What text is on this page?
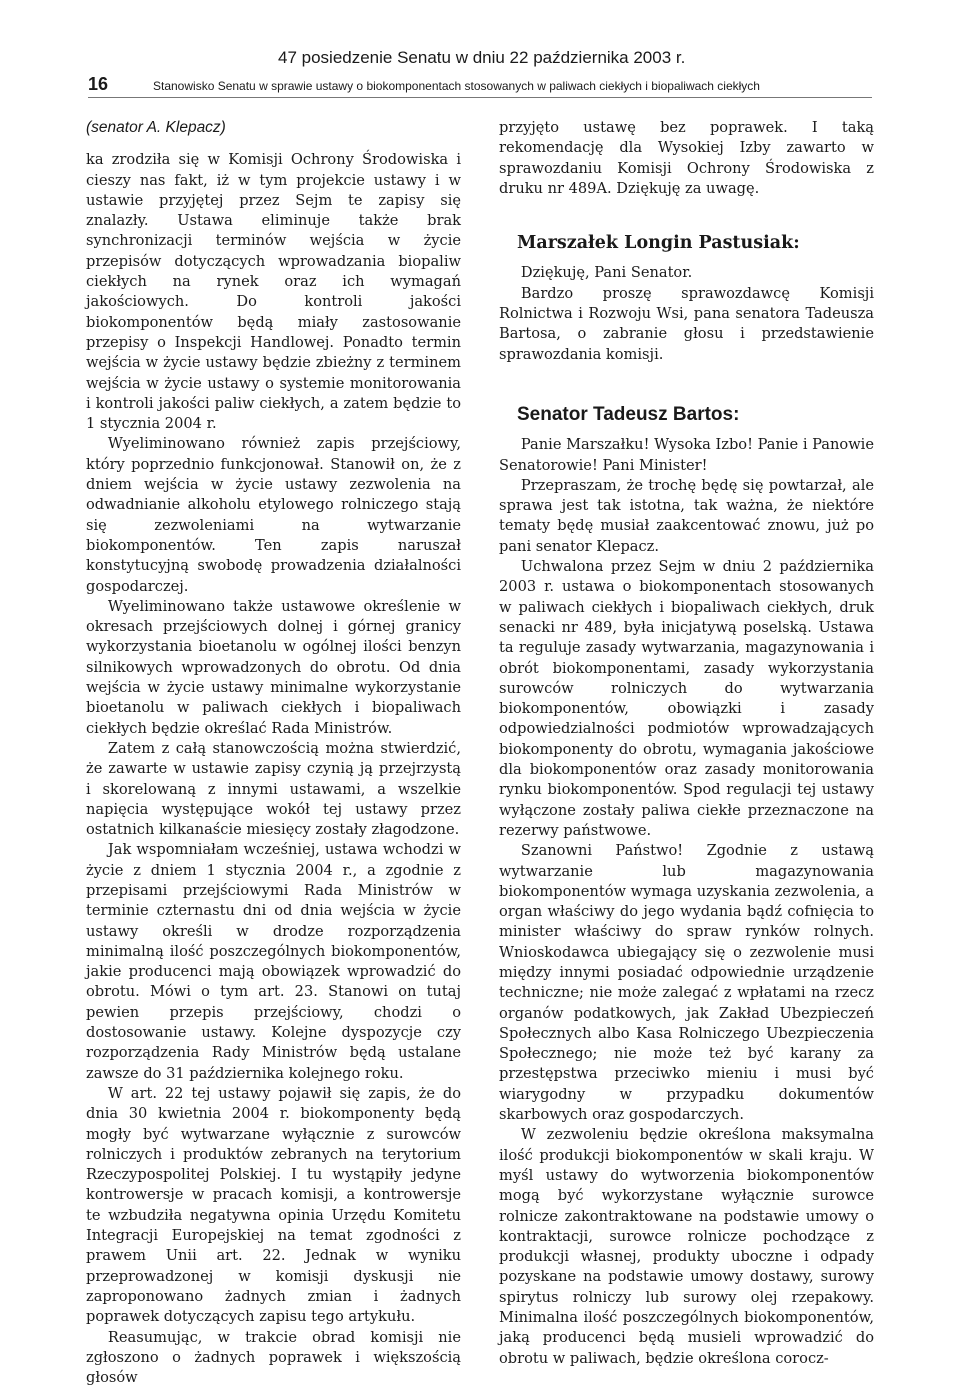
47 posiedzenie Senatu w dniu 22 października 2003 r.
16	Stanowisko Senatu w sprawie ustawy o biokomponentach stosowanych w paliwach ciekłych i biopaliwach ciekłych
(senator A. Klepacz)

ka zrodziła się w Komisji Ochrony Środowiska i cieszy nas fakt, iż w tym projekcie ustawy i w ustawie przyjętej przez Sejm te zapisy się znalazły. Ustawa eliminuje także brak synchronizacji terminów wejścia w życie przepisów dotyczących wprowadzania biopaliw ciekłych na rynek oraz ich wymagań jakościowych. Do kontroli jakości biokomponentów będą miały zastosowanie przepisy o Inspekcji Handlowej. Ponadto termin wejścia w życie ustawy będzie zbieżny z terminem wejścia w życie ustawy o systemie monitorowania i kontroli jakości paliw ciekłych, a zatem będzie to 1 stycznia 2004 r.

Wyeliminowano również zapis przejściowy, który poprzednio funkcjonował. Stanowił on, że z dniem wejścia w życie ustawy zezwolenia na odwadnianie alkoholu etylowego rolniczego stają się zezwoleniami na wytwarzanie biokomponentów. Ten zapis naruszał konstytucyjną swobodę prowadzenia działalności gospodarczej.

Wyeliminowano także ustawowe określenie w okresach przejściowych dolnej i górnej granicy wykorzystania bioetanolu w ogólnej ilości benzyn silnikowych wprowadzonych do obrotu. Od dnia wejścia w życie ustawy minimalne wykorzystanie bioetanolu w paliwach ciekłych i biopaliwach ciekłych będzie określać Rada Ministrów.

Zatem z całą stanowczością można stwierdzić, że zawarte w ustawie zapisy czynią ją przejrzystą i skorelowaną z innymi ustawami, a wszelkie napięcia występujące wokół tej ustawy przez ostatnich kilkanaście miesięcy zostały złagodzone.

Jak wspomniałam wcześniej, ustawa wchodzi w życie z dniem 1 stycznia 2004 r., a zgodnie z przepisami przejściowymi Rada Ministrów w terminie czternastu dni od dnia wejścia w życie ustawy określi w drodze rozporządzenia minimalną ilość poszczególnych biokomponentów, jakie producenci mają obowiązek wprowadzić do obrotu. Mówi o tym art. 23. Stanowi on tutaj pewien przepis przejściowy, chodzi o dostosowanie ustawy. Kolejne dyspozycje czy rozporządzenia Rady Ministrów będą ustalane zawsze do 31 października kolejnego roku.

W art. 22 tej ustawy pojawił się zapis, że do dnia 30 kwietnia 2004 r. biokomponenty będą mogły być wytwarzane wyłącznie z surowców rolniczych i produktów zebranych na terytorium Rzeczypospolitej Polskiej. I tu wystąpiły jedyne kontrowersje w pracach komisji, a kontrowersje te wzbudziła negatywna opinia Urzędu Komitetu Integracji Europejskiej na temat zgodności z prawem Unii art. 22. Jednak w wyniku przeprowadzonej w komisji dyskusji nie zaproponowano żadnych zmian i żadnych poprawek dotyczących zapisu tego artykułu.

Reasumując, w trakcie obrad komisji nie zgłoszono o żadnych poprawek i większością głosów

przyjęto ustawę bez poprawek. I taką rekomendację dla Wysokiej Izby zawarto w sprawozdaniu Komisji Ochrony Środowiska z druku nr 489A. Dziękuję za uwagę.

Marszałek Longin Pastusiak:

Dziękuję, Pani Senator.

Bardzo proszę sprawozdawcę Komisji Rolnictwa i Rozwoju Wsi, pana senatora Tadeusza Bartosa, o zabranie głosu i przedstawienie sprawozdania komisji.

Senator Tadeusz Bartos:

Panie Marszałku! Wysoka Izbo! Panie i Panowie Senatorowie! Pani Minister!

Przepraszam, że trochę będę się powtarzał, ale sprawa jest tak istotna, tak ważna, że niektóre tematy będę musiał zaakcentować znowu, już po pani senator Klepacz.

Uchwalona przez Sejm w dniu 2 października 2003 r. ustawa o biokomponentach stosowanych w paliwach ciekłych i biopaliwach ciekłych, druk senacki nr 489, była inicjatywą poselską. Ustawa ta reguluje zasady wytwarzania, magazynowania i obrót biokomponentami, zasady wykorzystania surowców rolniczych do wytwarzania biokomponentów, obowiązki i zasady odpowiedzialności podmiotów wprowadzających biokomponenty do obrotu, wymagania jakościowe dla biokomponentów oraz zasady monitorowania rynku biokomponentów. Spod regulacji tej ustawy wyłączone zostały paliwa ciekłe przeznaczone na rezerwy państwowe.

Szanowni Państwo! Zgodnie z ustawą wytwarzanie lub magazynowania biokomponentów wymaga uzyskania zezwolenia, a organ właściwy do jego wydania bądź cofnięcia to minister właściwy do spraw rynków rolnych. Wnioskodawca ubiegający się o zezwolenie musi między innymi posiadać odpowiednie urządzenie techniczne; nie może zalegać z wpłatami na rzecz organów podatkowych, jak Zakład Ubezpieczeń Społecznych albo Kasa Rolniczego Ubezpieczenia Społecznego; nie może też być karany za przestępstwa przeciwko mieniu i musi być wiarygodny w przypadku dokumentów skarbowych oraz gospodarczych.

W zezwoleniu będzie określona maksymalna ilość produkcji biokomponentów w skali kraju. W myśl ustawy do wytworzenia biokomponentów mogą być wykorzystane wyłącznie surowce rolnicze zakontraktowane na podstawie umowy o kontraktacji, surowce rolnicze pochodzące z produkcji własnej, produkty uboczne i odpady pozyskane na podstawie umowy dostawy, surowy spirytus rolniczy lub surowy olej rzepakowy. Minimalna ilość poszczególnych biokomponentów, jaką producenci będą musieli wprowadzić do obrotu w paliwach, będzie określona corocz-
